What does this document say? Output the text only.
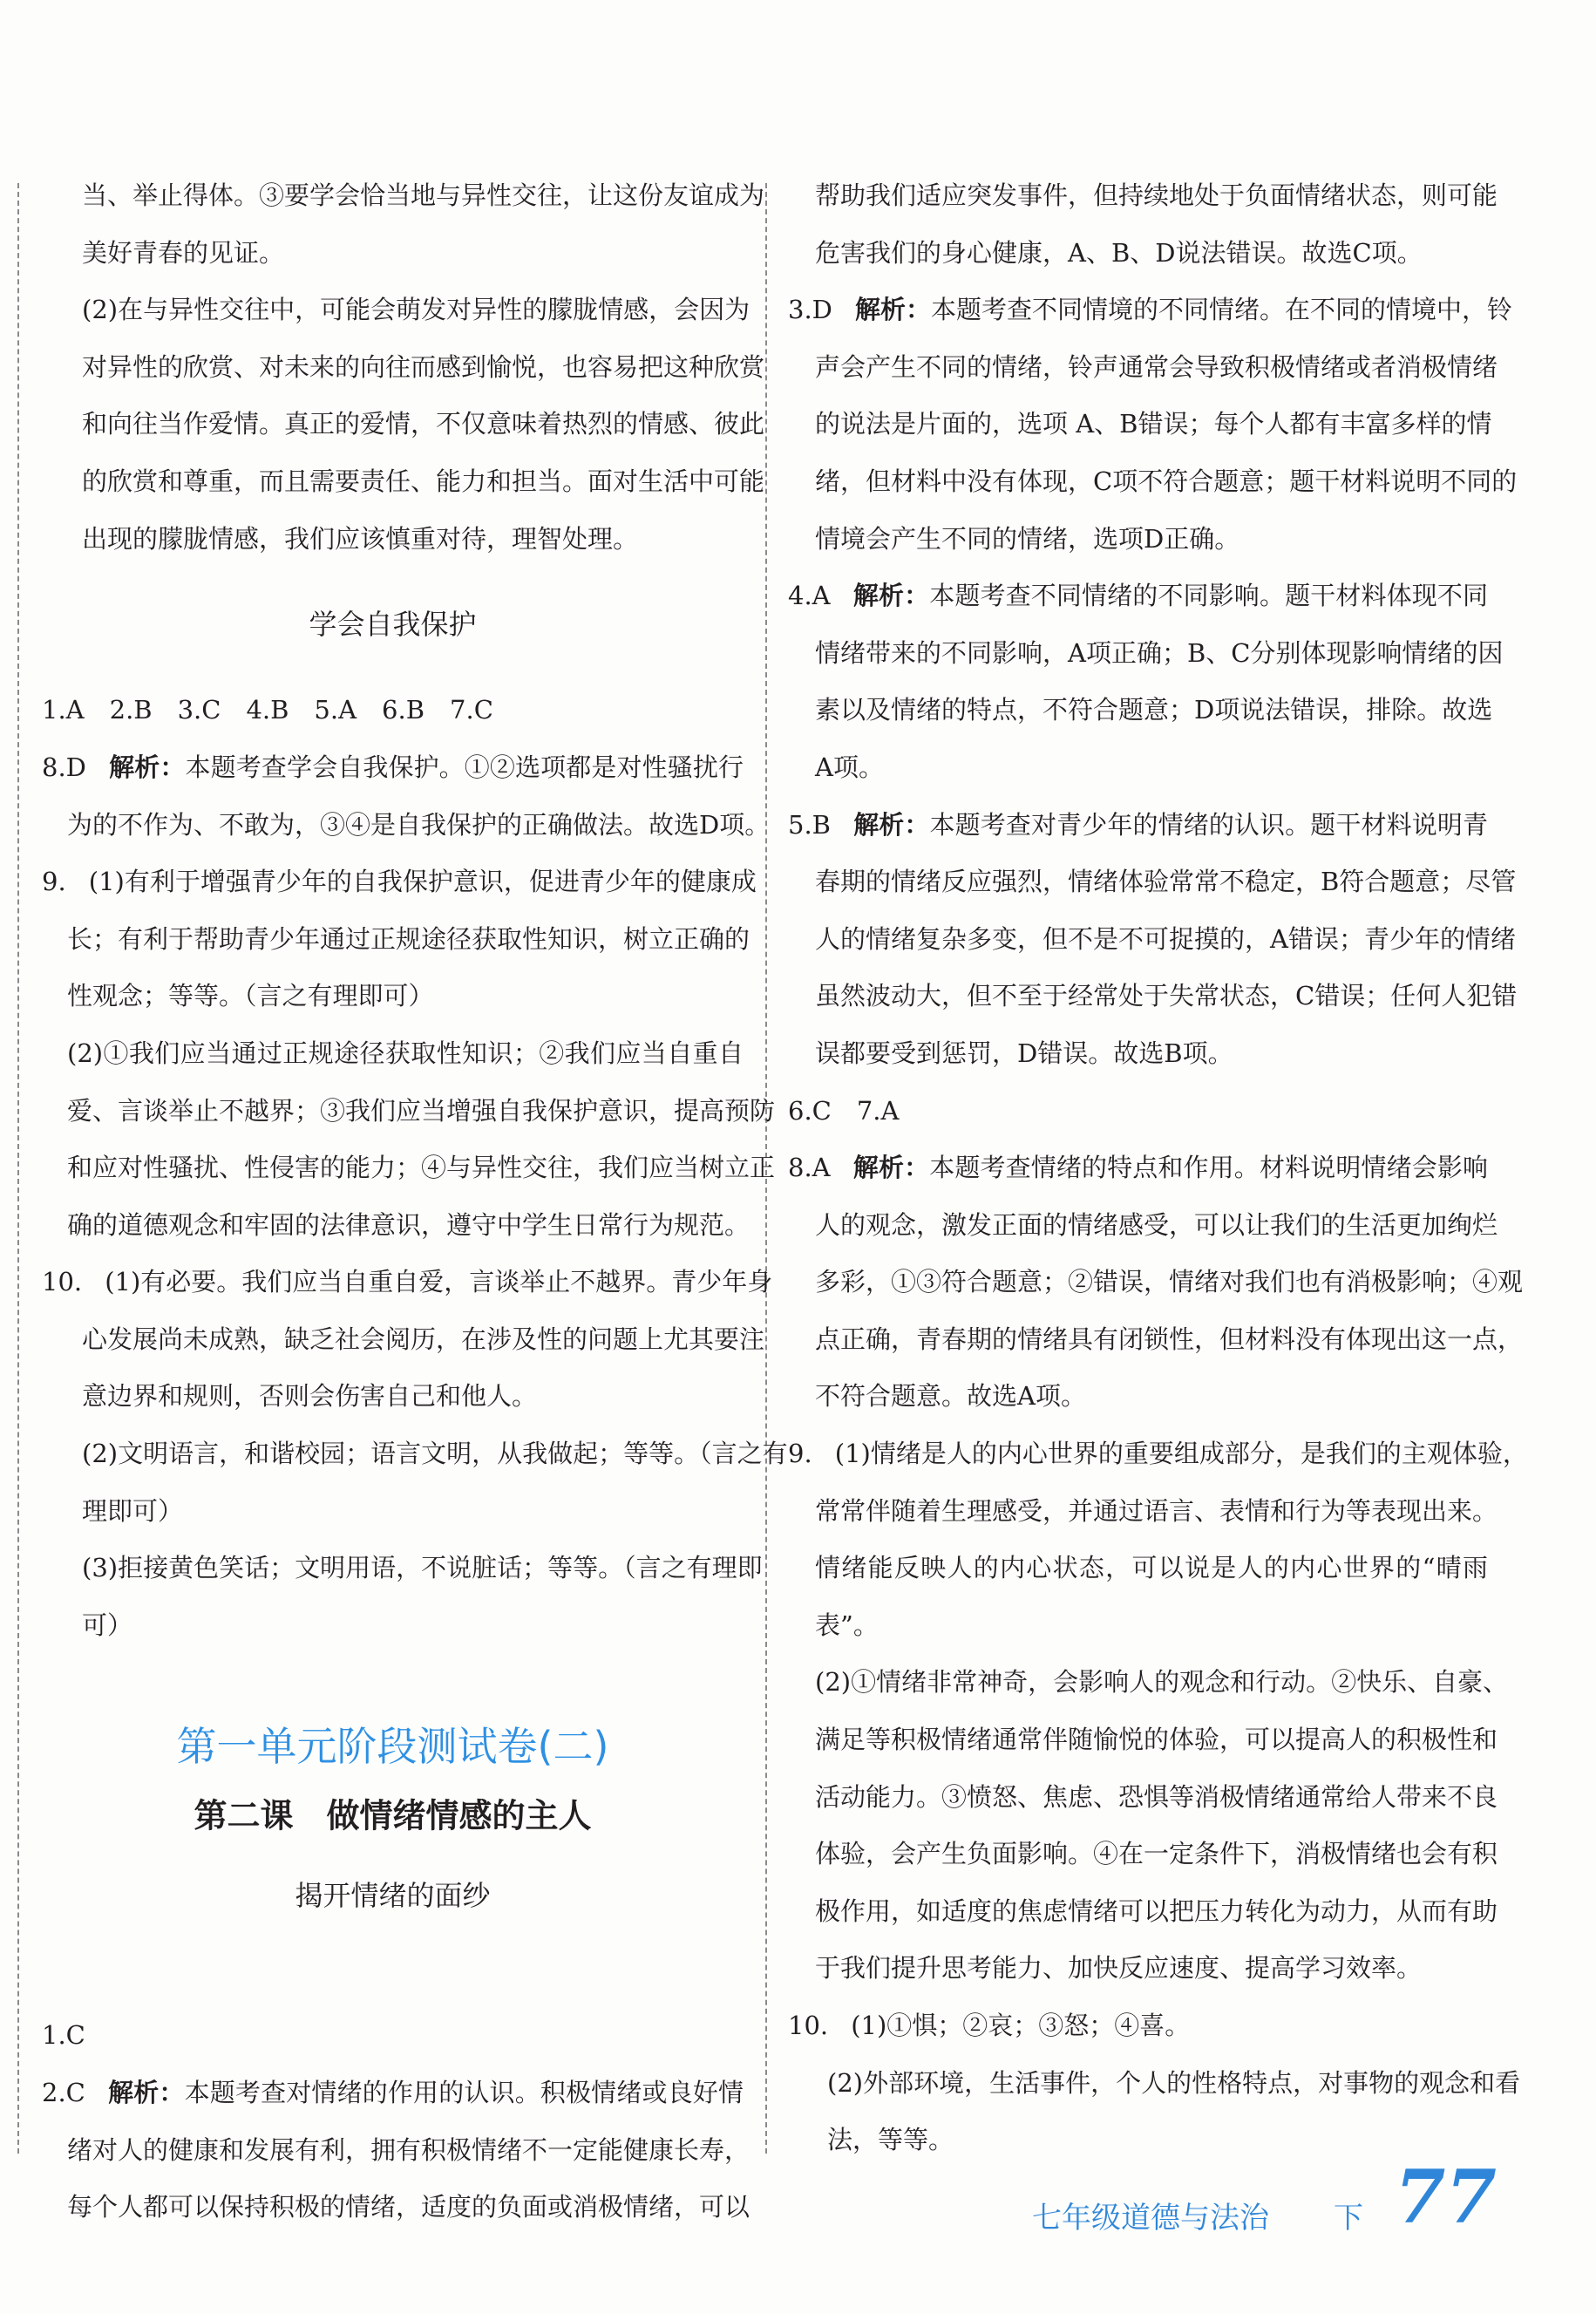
当、举止得体。③要学会恰当地与异性交往，让这份友谊成为
美好青春的见证。
(2)在与异性交往中，可能会萌发对异性的朦胧情感，会因为
对异性的欣赏、对未来的向往而感到愉悦，也容易把这种欣赏
和向往当作爱情。真正的爱情，不仅意味着热烈的情感、彼此
的欣赏和尊重，而且需要责任、能力和担当。面对生活中可能
出现的朦胧情感，我们应该慎重对待，理智处理。
学会自我保护
1.A　2.B　3.C　4.B　5.A　6.B　7.C
8.D 解析：本题考查学会自我保护。①②选项都是对性骚扰行
为的不作为、不敢为，③④是自我保护的正确做法。故选D项。
9. (1)有利于增强青少年的自我保护意识，促进青少年的健康成
长；有利于帮助青少年通过正规途径获取性知识，树立正确的
性观念；等等。（言之有理即可）
(2)①我们应当通过正规途径获取性知识；②我们应当自重自
爱、言谈举止不越界；③我们应当增强自我保护意识，提高预防
和应对性骚扰、性侵害的能力；④与异性交往，我们应当树立正
确的道德观念和牢固的法律意识，遵守中学生日常行为规范。
10. (1)有必要。我们应当自重自爱，言谈举止不越界。青少年身
心发展尚未成熟，缺乏社会阅历，在涉及性的问题上尤其要注
意边界和规则，否则会伤害自己和他人。
(2)文明语言，和谐校园；语言文明，从我做起；等等。（言之有
理即可）
(3)拒接黄色笑话；文明用语，不说脏话；等等。（言之有理即
可）
第一单元阶段测试卷(二)
第二课　做情绪情感的主人
揭开情绪的面纱
1.C
2.C 解析：本题考查对情绪的作用的认识。积极情绪或良好情
绪对人的健康和发展有利，拥有积极情绪不一定能健康长寿，
每个人都可以保持积极的情绪，适度的负面或消极情绪，可以
帮助我们适应突发事件，但持续地处于负面情绪状态，则可能
危害我们的身心健康，A、B、D说法错误。故选C项。
3.D 解析：本题考查不同情境的不同情绪。在不同的情境中，铃
声会产生不同的情绪，铃声通常会导致积极情绪或者消极情绪
的说法是片面的，选项 A、B错误；每个人都有丰富多样的情
绪，但材料中没有体现，C项不符合题意；题干材料说明不同的
情境会产生不同的情绪，选项D正确。
4.A 解析：本题考查不同情绪的不同影响。题干材料体现不同
情绪带来的不同影响，A项正确；B、C分别体现影响情绪的因
素以及情绪的特点，不符合题意；D项说法错误，排除。故选
A项。
5.B 解析：本题考查对青少年的情绪的认识。题干材料说明青
春期的情绪反应强烈，情绪体验常常不稳定，B符合题意；尽管
人的情绪复杂多变，但不是不可捉摸的，A错误；青少年的情绪
虽然波动大，但不至于经常处于失常状态，C错误；任何人犯错
误都要受到惩罚，D错误。故选B项。
6.C　7.A
8.A 解析：本题考查情绪的特点和作用。材料说明情绪会影响
人的观念，激发正面的情绪感受，可以让我们的生活更加绚烂
多彩，①③符合题意；②错误，情绪对我们也有消极影响；④观
点正确，青春期的情绪具有闭锁性，但材料没有体现出这一点，
不符合题意。故选A项。
9. (1)情绪是人的内心世界的重要组成部分，是我们的主观体验，
常常伴随着生理感受，并通过语言、表情和行为等表现出来。
情绪能反映人的内心状态，可以说是人的内心世界的“晴雨
表”。
(2)①情绪非常神奇，会影响人的观念和行动。②快乐、自豪、
满足等积极情绪通常伴随愉悦的体验，可以提高人的积极性和
活动能力。③愤怒、焦虑、恐惧等消极情绪通常给人带来不良
体验，会产生负面影响。④在一定条件下，消极情绪也会有积
极作用，如适度的焦虑情绪可以把压力转化为动力，从而有助
于我们提升思考能力、加快反应速度、提高学习效率。
10. (1)①惧；②哀；③怒；④喜。
(2)外部环境，生活事件，个人的性格特点，对事物的观念和看
法，等等。
七年级道德与法治 下 77
